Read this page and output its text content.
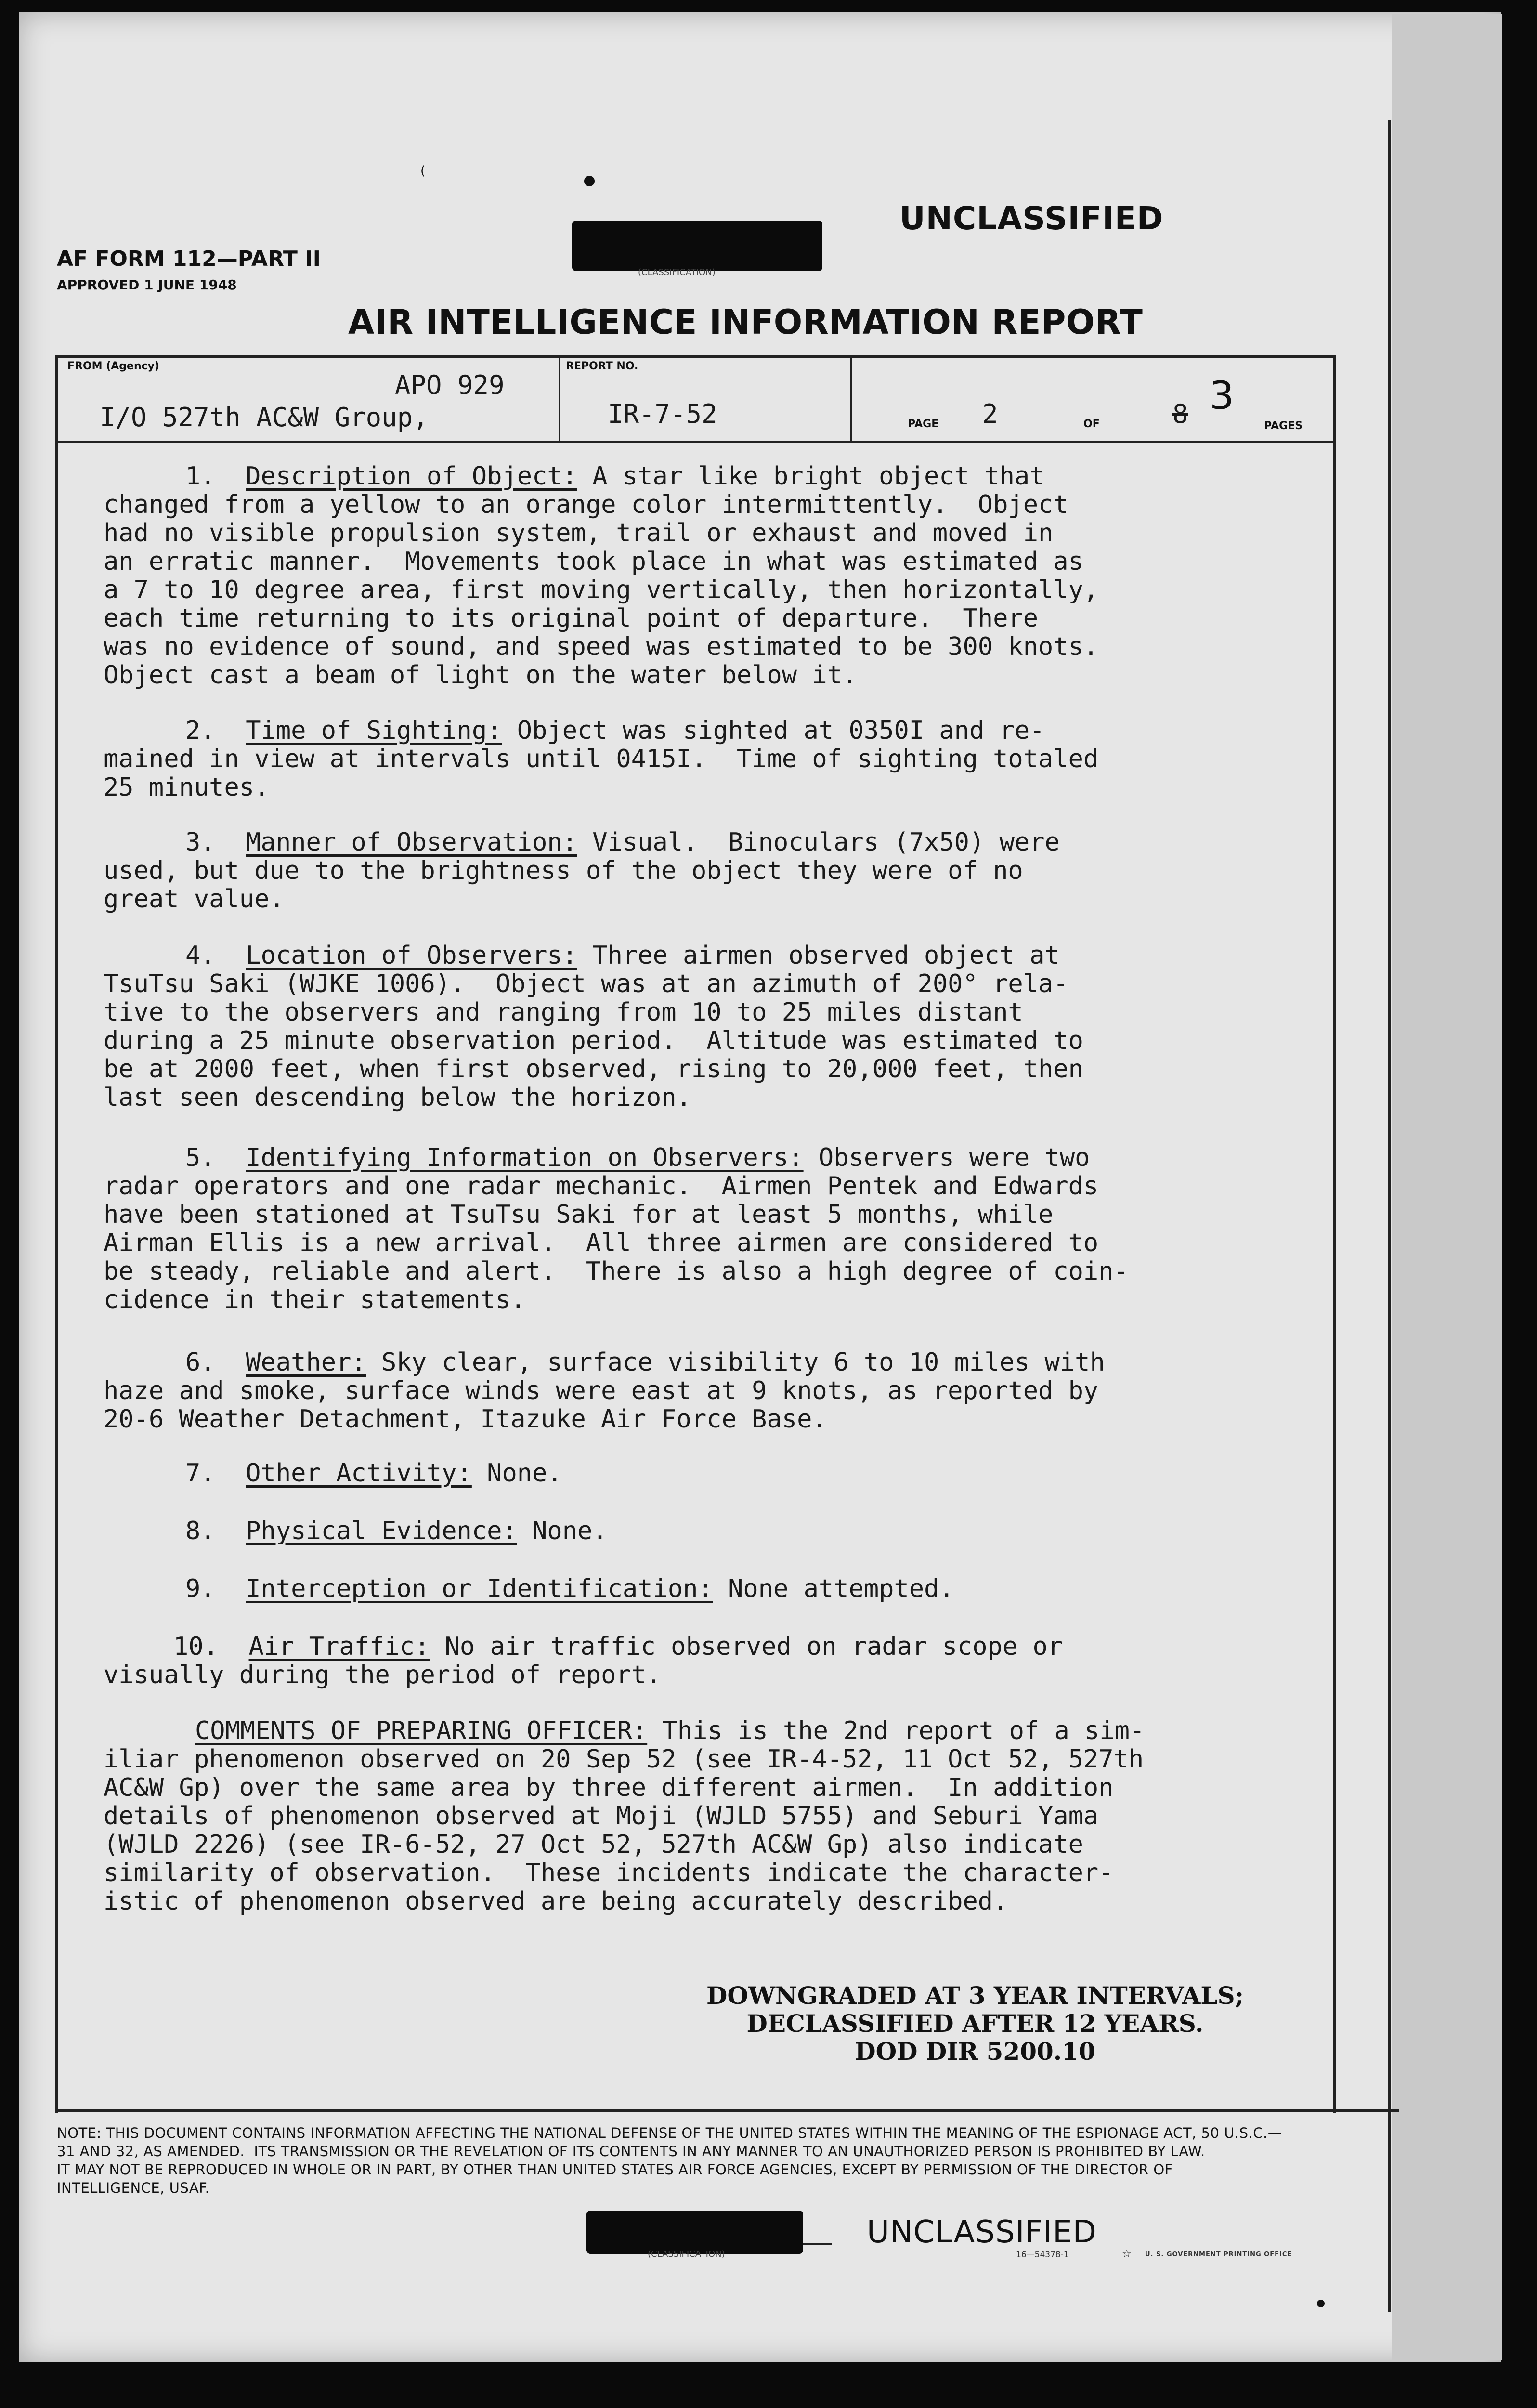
(
(CLASSIFICATION)
UNCLASSIFIED
AF FORM 112—PART II
APPROVED 1 JUNE 1948
AIR INTELLIGENCE INFORMATION REPORT
FROM (Agency)
APO 929
I/O 527th AC&W Group,
REPORT NO.
IR-7-52	PAGE 2	OF	8 3
PAGES
1. Description of Object: A star like bright object that
changed from a yellow to an orange color intermittently.  Object
had no visible propulsion system, trail or exhaust and moved in
an erratic manner.  Movements took place in what was estimated as
a 7 to 10 degree area, first moving vertically, then horizontally,
each time returning to its original point of departure.  There
was no evidence of sound, and speed was estimated to be 300 knots.
Object cast a beam of light on the water below it.
2. Time of Sighting: Object was sighted at 0350I and re-
mained in view at intervals until 0415I.  Time of sighting totaled
25 minutes.
3. Manner of Observation: Visual.  Binoculars (7x50) were
used, but due to the brightness of the object they were of no
great value.
4. Location of Observers: Three airmen observed object at
TsuTsu Saki (WJKE 1006).  Object was at an azimuth of 200° rela-
tive to the observers and ranging from 10 to 25 miles distant
during a 25 minute observation period.  Altitude was estimated to
be at 2000 feet, when first observed, rising to 20,000 feet, then
last seen descending below the horizon.
5. Identifying Information on Observers: Observers were two
radar operators and one radar mechanic.  Airmen Pentek and Edwards
have been stationed at TsuTsu Saki for at least 5 months, while
Airman Ellis is a new arrival.  All three airmen are considered to
be steady, reliable and alert.  There is also a high degree of coin-
cidence in their statements.
6. Weather: Sky clear, surface visibility 6 to 10 miles with
haze and smoke, surface winds were east at 9 knots, as reported by
20-6 Weather Detachment, Itazuke Air Force Base.
7. Other Activity: None.
8. Physical Evidence: None.
9. Interception or Identification: None attempted.
10. Air Traffic: No air traffic observed on radar scope or
visually during the period of report.
COMMENTS OF PREPARING OFFICER: This is the 2nd report of a sim-
iliar phenomenon observed on 20 Sep 52 (see IR-4-52, 11 Oct 52, 527th
AC&W Gp) over the same area by three different airmen.  In addition
details of phenomenon observed at Moji (WJLD 5755) and Seburi Yama
(WJLD 2226) (see IR-6-52, 27 Oct 52, 527th AC&W Gp) also indicate
similarity of observation.  These incidents indicate the character-
istic of phenomenon observed are being accurately described.
DOWNGRADED AT 3 YEAR INTERVALS;
DECLASSIFIED AFTER 12 YEARS.
DOD DIR 5200.10
NOTE: THIS DOCUMENT CONTAINS INFORMATION AFFECTING THE NATIONAL DEFENSE OF THE UNITED STATES WITHIN THE MEANING OF THE ESPIONAGE ACT, 50 U.S.C.—
31 AND 32, AS AMENDED.  ITS TRANSMISSION OR THE REVELATION OF ITS CONTENTS IN ANY MANNER TO AN UNAUTHORIZED PERSON IS PROHIBITED BY LAW.
IT MAY NOT BE REPRODUCED IN WHOLE OR IN PART, BY OTHER THAN UNITED STATES AIR FORCE AGENCIES, EXCEPT BY PERMISSION OF THE DIRECTOR OF
INTELLIGENCE, USAF.
(CLASSIFICATION)
UNCLASSIFIED
16—54378-1	☆ U. S. GOVERNMENT PRINTING OFFICE
